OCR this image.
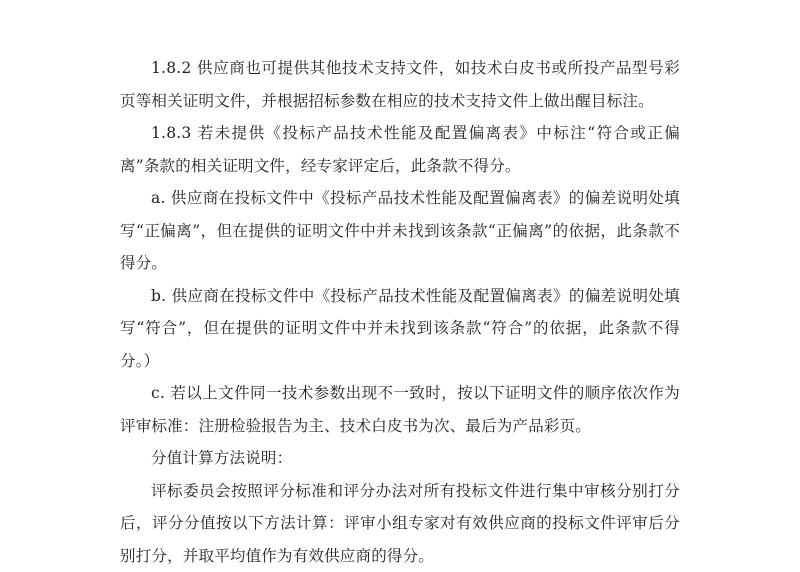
1.8.2 供应商也可提供其他技术支持文件，如技术白皮书或所投产品型号彩页等相关证明文件，并根据招标参数在相应的技术支持文件上做出醒目标注。

1.8.3 若未提供《投标产品技术性能及配置偏离表》中标注“符合或正偏离”条款的相关证明文件，经专家评定后，此条款不得分。

a. 供应商在投标文件中《投标产品技术性能及配置偏离表》的偏差说明处填写“正偏离”，但在提供的证明文件中并未找到该条款“正偏离”的依据，此条款不得分。

b. 供应商在投标文件中《投标产品技术性能及配置偏离表》的偏差说明处填写“符合”，但在提供的证明文件中并未找到该条款“符合”的依据，此条款不得分。）

c. 若以上文件同一技术参数出现不一致时，按以下证明文件的顺序依次作为评审标准：注册检验报告为主、技术白皮书为次、最后为产品彩页。

分值计算方法说明：

评标委员会按照评分标准和评分办法对所有投标文件进行集中审核分别打分后，评分分值按以下方法计算：评审小组专家对有效供应商的投标文件评审后分别打分，并取平均值作为有效供应商的得分。
